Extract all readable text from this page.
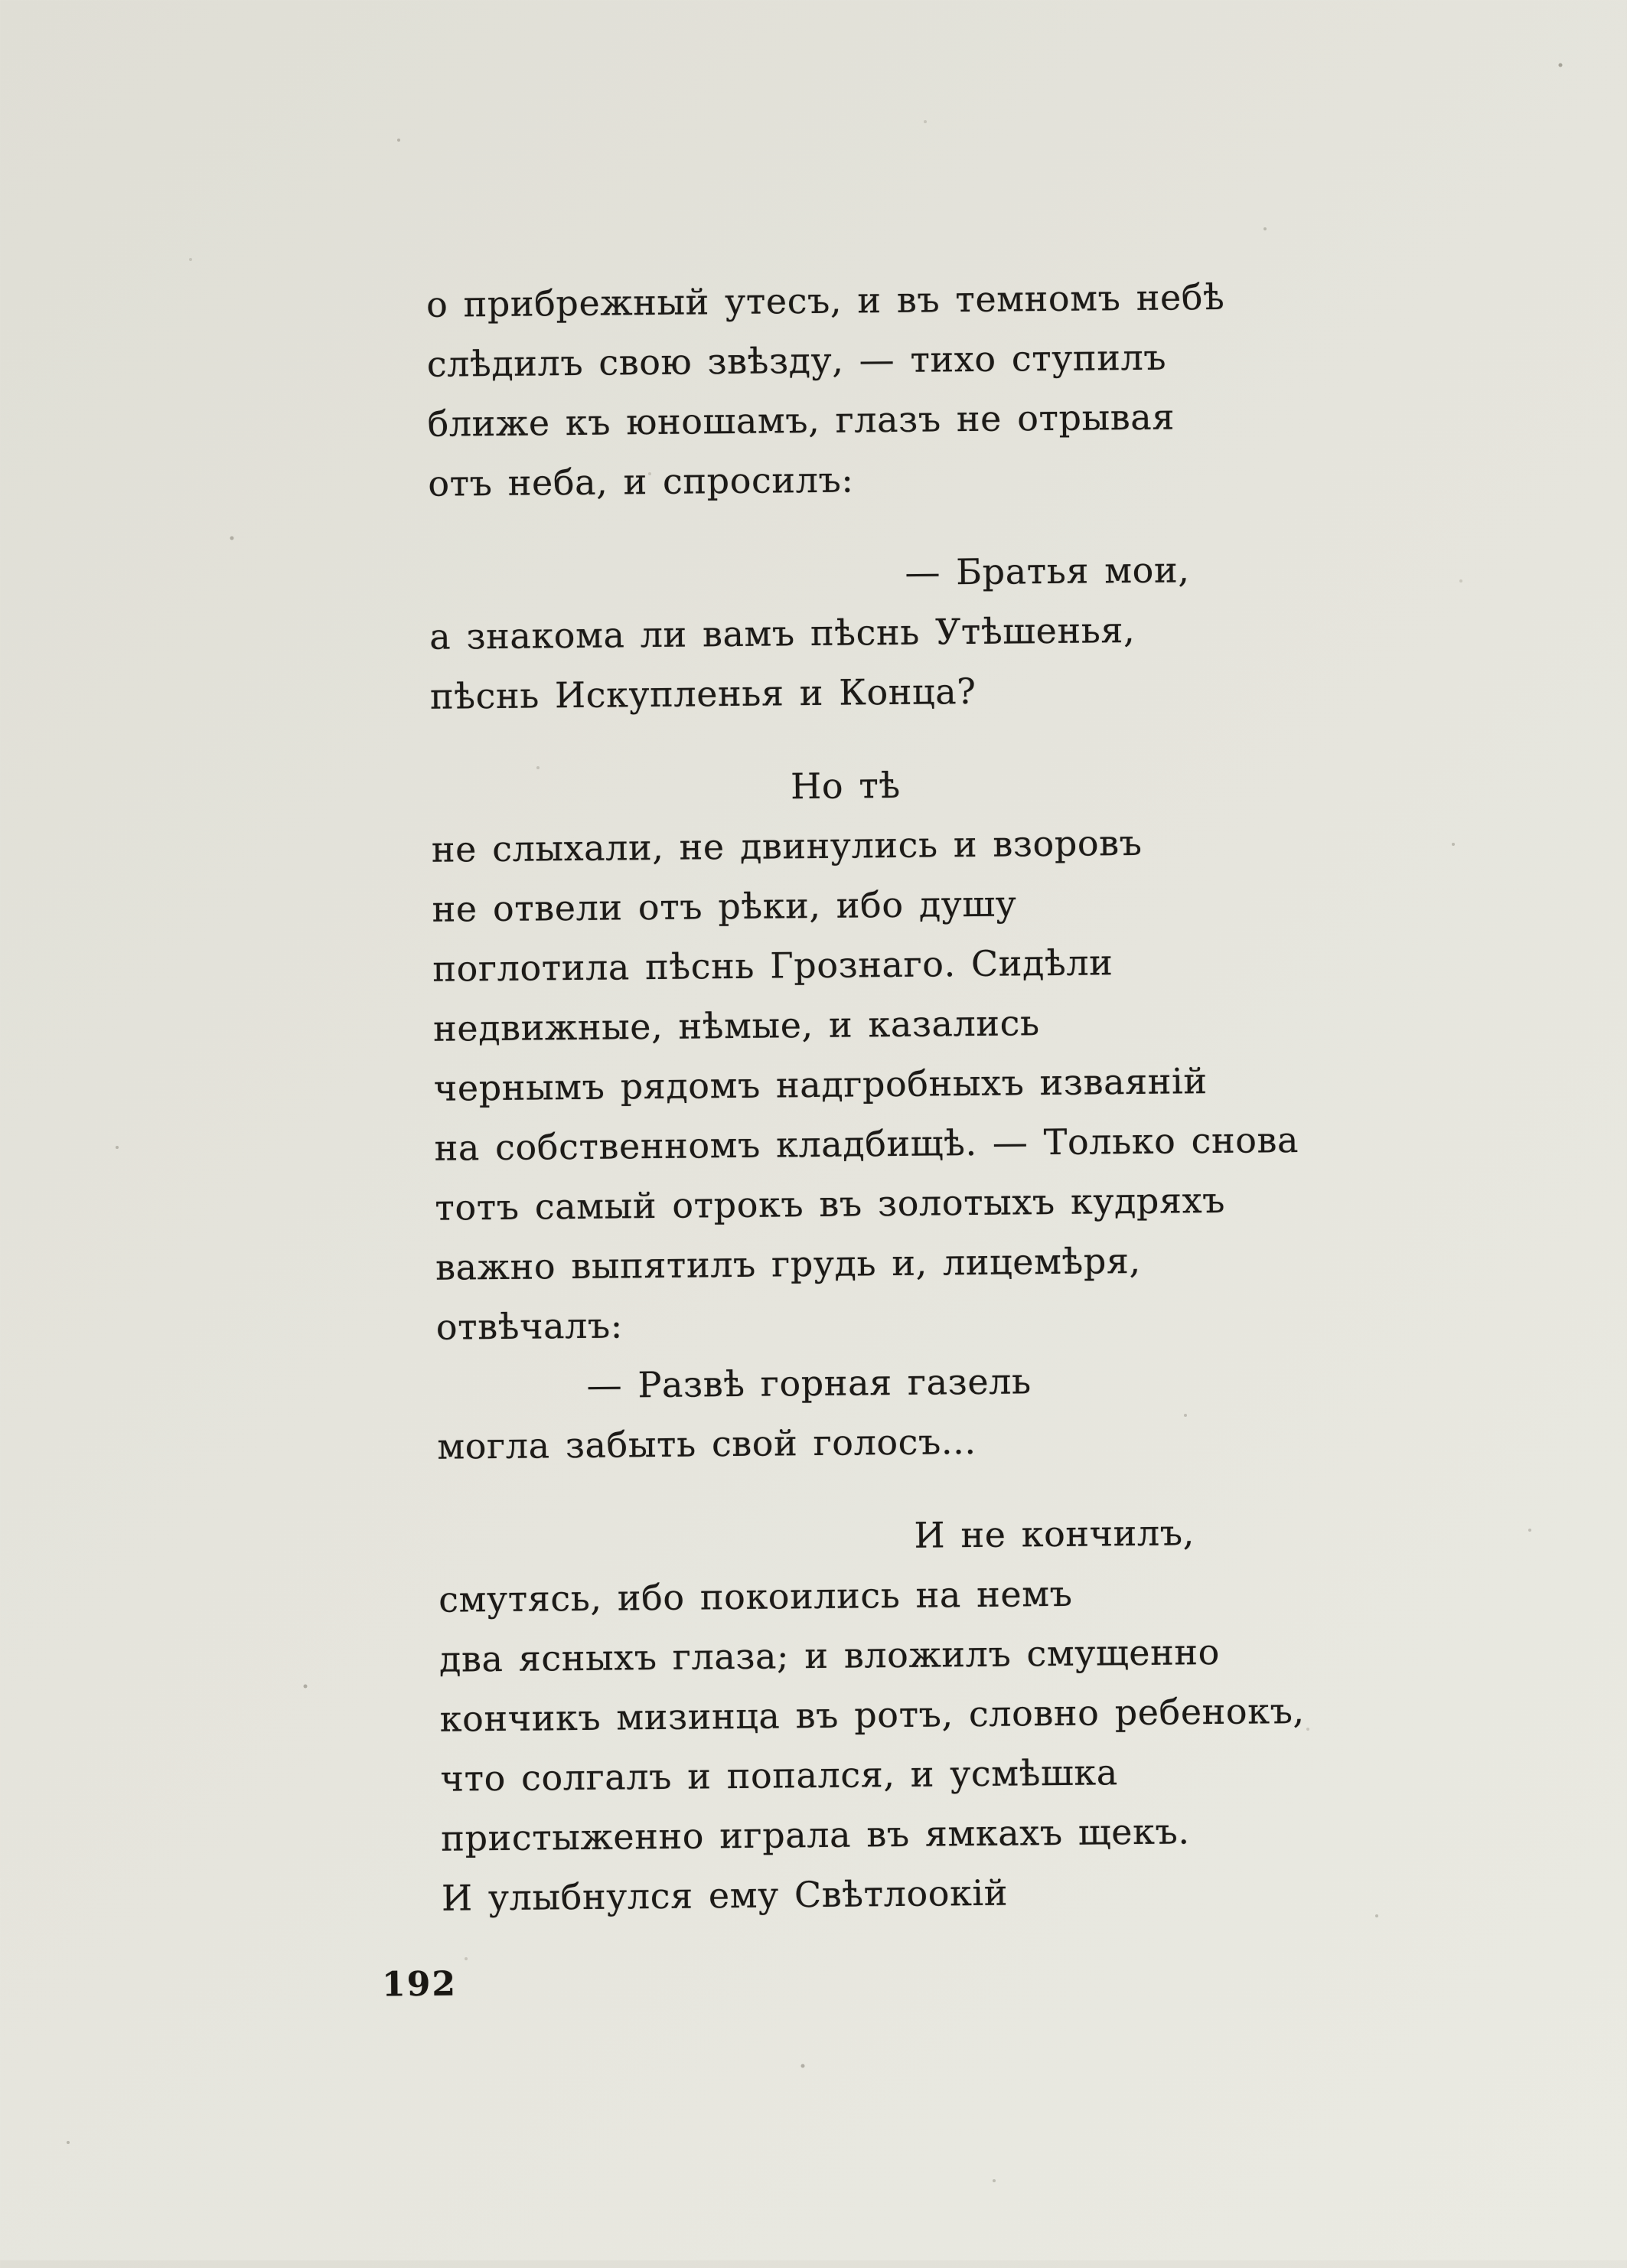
о прибрежный утесъ, и въ темномъ небѣ
слѣдилъ свою звѣзду, — тихо ступилъ
ближе къ юношамъ, глазъ не отрывая
отъ неба, и спросилъ:
— Братья мои,
а знакома ли вамъ пѣснь Утѣшенья,
пѣснь Искупленья и Конца?
Но тѣ
не слыхали, не двинулись и взоровъ
не отвели отъ рѣки, ибо душу
поглотила пѣснь Грознаго. Сидѣли
недвижные, нѣмые, и казались
чернымъ рядомъ надгробныхъ изваяній
на собственномъ кладбищѣ. — Только снова
тотъ самый отрокъ въ золотыхъ кудряхъ
важно выпятилъ грудь и, лицемѣря,
отвѣчалъ:
— Развѣ горная газель
могла забыть свой голосъ...
И не кончилъ,
смутясь, ибо покоились на немъ
два ясныхъ глаза; и вложилъ смущенно
кончикъ мизинца въ ротъ, словно ребенокъ,
что солгалъ и попался, и усмѣшка
пристыженно играла въ ямкахъ щекъ.
И улыбнулся ему Свѣтлоокій
192
